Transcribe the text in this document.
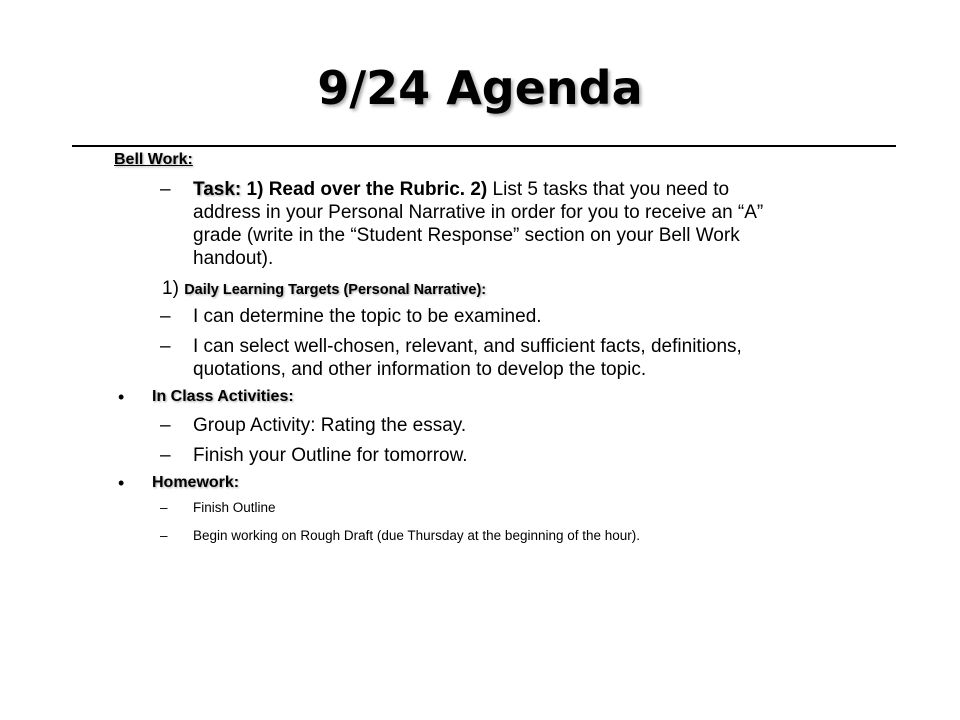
9/24 Agenda
Bell Work:
– Task: 1) Read over the Rubric. 2) List 5 tasks that you need to
address in your Personal Narrative in order for you to receive an “A”
grade (write in the “Student Response” section on your Bell Work
handout).
1) Daily Learning Targets (Personal Narrative):
– I can determine the topic to be examined.
– I can select well-chosen, relevant, and sufficient facts, definitions,
quotations, and other information to develop the topic.
• In Class Activities:
– Group Activity: Rating the essay.
– Finish your Outline for tomorrow.
• Homework:
– Finish Outline
– Begin working on Rough Draft (due Thursday at the beginning of the hour).
